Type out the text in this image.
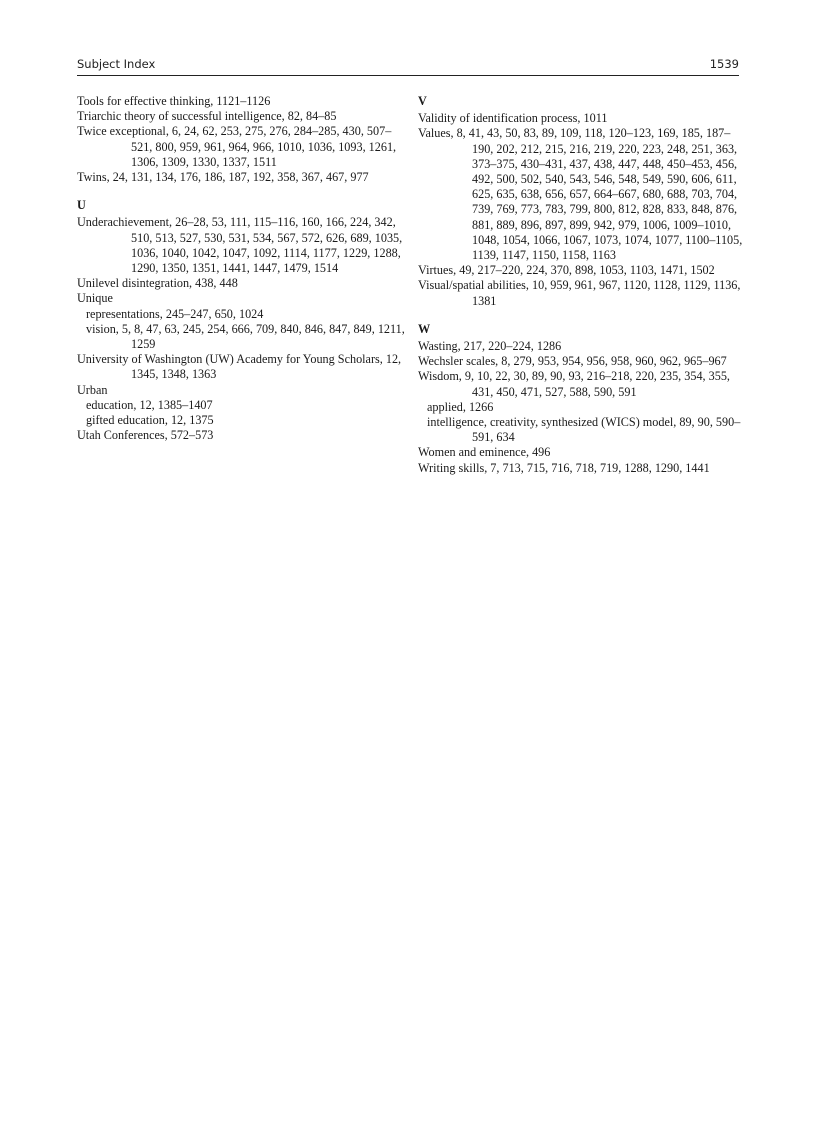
Subject Index	1539
Tools for effective thinking, 1121–1126
Triarchic theory of successful intelligence, 82, 84–85
Twice exceptional, 6, 24, 62, 253, 275, 276, 284–285, 430, 507–521, 800, 959, 961, 964, 966, 1010, 1036, 1093, 1261, 1306, 1309, 1330, 1337, 1511
Twins, 24, 131, 134, 176, 186, 187, 192, 358, 367, 467, 977
U
Underachievement, 26–28, 53, 111, 115–116, 160, 166, 224, 342, 510, 513, 527, 530, 531, 534, 567, 572, 626, 689, 1035, 1036, 1040, 1042, 1047, 1092, 1114, 1177, 1229, 1288, 1290, 1350, 1351, 1441, 1447, 1479, 1514
Unilevel disintegration, 438, 448
Unique
representations, 245–247, 650, 1024
vision, 5, 8, 47, 63, 245, 254, 666, 709, 840, 846, 847, 849, 1211, 1259
University of Washington (UW) Academy for Young Scholars, 12, 1345, 1348, 1363
Urban
education, 12, 1385–1407
gifted education, 12, 1375
Utah Conferences, 572–573
V
Validity of identification process, 1011
Values, 8, 41, 43, 50, 83, 89, 109, 118, 120–123, 169, 185, 187–190, 202, 212, 215, 216, 219, 220, 223, 248, 251, 363, 373–375, 430–431, 437, 438, 447, 448, 450–453, 456, 492, 500, 502, 540, 543, 546, 548, 549, 590, 606, 611, 625, 635, 638, 656, 657, 664–667, 680, 688, 703, 704, 739, 769, 773, 783, 799, 800, 812, 828, 833, 848, 876, 881, 889, 896, 897, 899, 942, 979, 1006, 1009–1010, 1048, 1054, 1066, 1067, 1073, 1074, 1077, 1100–1105, 1139, 1147, 1150, 1158, 1163
Virtues, 49, 217–220, 224, 370, 898, 1053, 1103, 1471, 1502
Visual/spatial abilities, 10, 959, 961, 967, 1120, 1128, 1129, 1136, 1381
W
Wasting, 217, 220–224, 1286
Wechsler scales, 8, 279, 953, 954, 956, 958, 960, 962, 965–967
Wisdom, 9, 10, 22, 30, 89, 90, 93, 216–218, 220, 235, 354, 355, 431, 450, 471, 527, 588, 590, 591
applied, 1266
intelligence, creativity, synthesized (WICS) model, 89, 90, 590–591, 634
Women and eminence, 496
Writing skills, 7, 713, 715, 716, 718, 719, 1288, 1290, 1441
